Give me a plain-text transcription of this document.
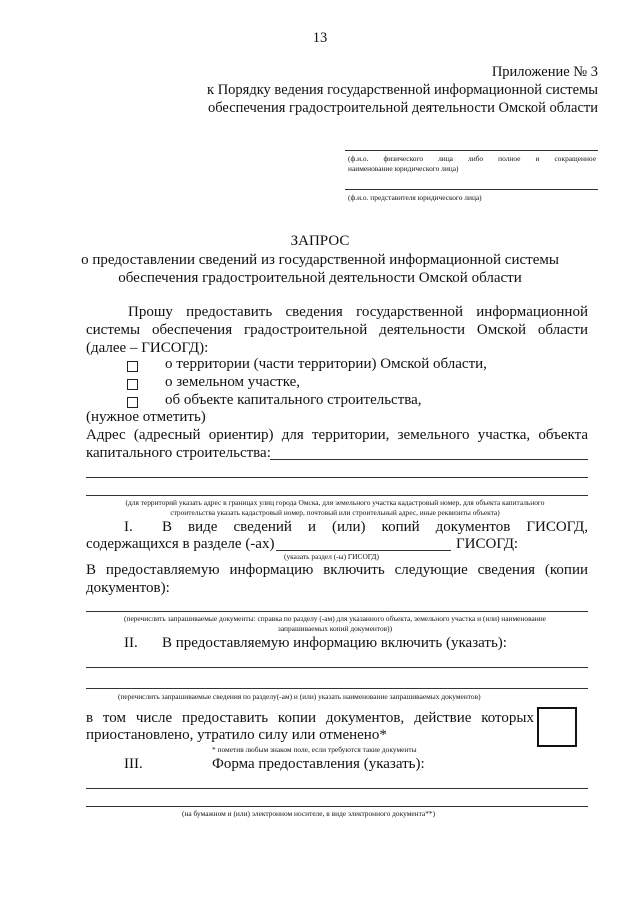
13
Приложение № 3
к Порядку ведения государственной информационной системы
обеспечения градостроительной деятельности Омской области
(ф.и.о. физического лица либо полное и сокращенное
наименование юридического лица)
(ф.и.о. представителя юридического лица)
ЗАПРОС
о предоставлении сведений из государственной информационной системы
обеспечения градостроительной деятельности Омской области
Прошу предоставить сведения государственной информационной
системы обеспечения градостроительной деятельности Омской области
(далее – ГИСОГД):
о территории (части территории) Омской области,
о земельном участке,
об объекте капитального строительства,
(нужное отметить)
Адрес (адресный ориентир) для территории, земельного участка, объекта
капитального строительства:
(для территорий указать адрес в границах улиц города Омска, для земельного участка кадастровый номер, для объекта капитального
строительства указать кадастровый номер, почтовый или строительный адрес, иные реквизиты объекта)
I. В виде сведений и (или) копий документов ГИСОГД,
содержащихся в разделе (-ах)	ГИСОГД:
(указать раздел (-ы) ГИСОГД)
В предоставляемую информацию включить следующие сведения (копии
документов):
(перечислить запрашиваемые документы: справка по разделу (-ам) для указанного объекта, земельного участка и (или) наименование
запрашиваемых копий документов))
II. В предоставляемую информацию включить (указать):
(перечислить запрашиваемые сведения по разделу(-ам) и (или) указать наименование запрашиваемых документов)
в том числе предоставить копии документов, действие которых
приостановлено, утратило силу или отменено*
* пометив любым знаком поле, если требуются такие документы
III.	Форма предоставления (указать):
(на бумажном и (или) электронном носителе, в виде электронного документа**)
